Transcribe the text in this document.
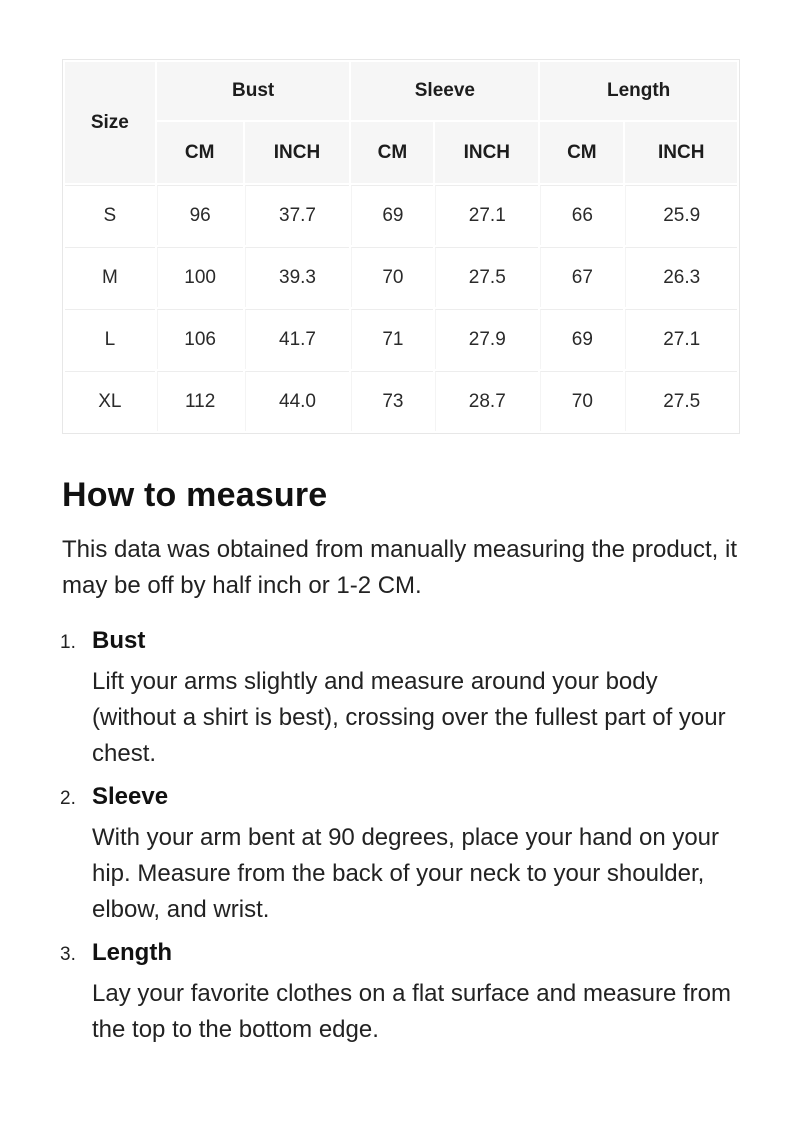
Size	Bust		Sleeve		Length	
	CM	INCH	CM	INCH	CM	INCH
S	96	37.7	69	27.1	66	25.9
M	100	39.3	70	27.5	67	26.3
L	106	41.7	71	27.9	69	27.1
XL	112	44.0	73	28.7	70	27.5
How to measure

This data was obtained from manually measuring the product, it may be off by half inch or 1-2 CM.

1. Bust

Lift your arms slightly and measure around your body (without a shirt is best), crossing over the fullest part of your chest.

2. Sleeve

With your arm bent at 90 degrees, place your hand on your hip. Measure from the back of your neck to your shoulder, elbow, and wrist.

3. Length

Lay your favorite clothes on a flat surface and measure from the top to the bottom edge.
